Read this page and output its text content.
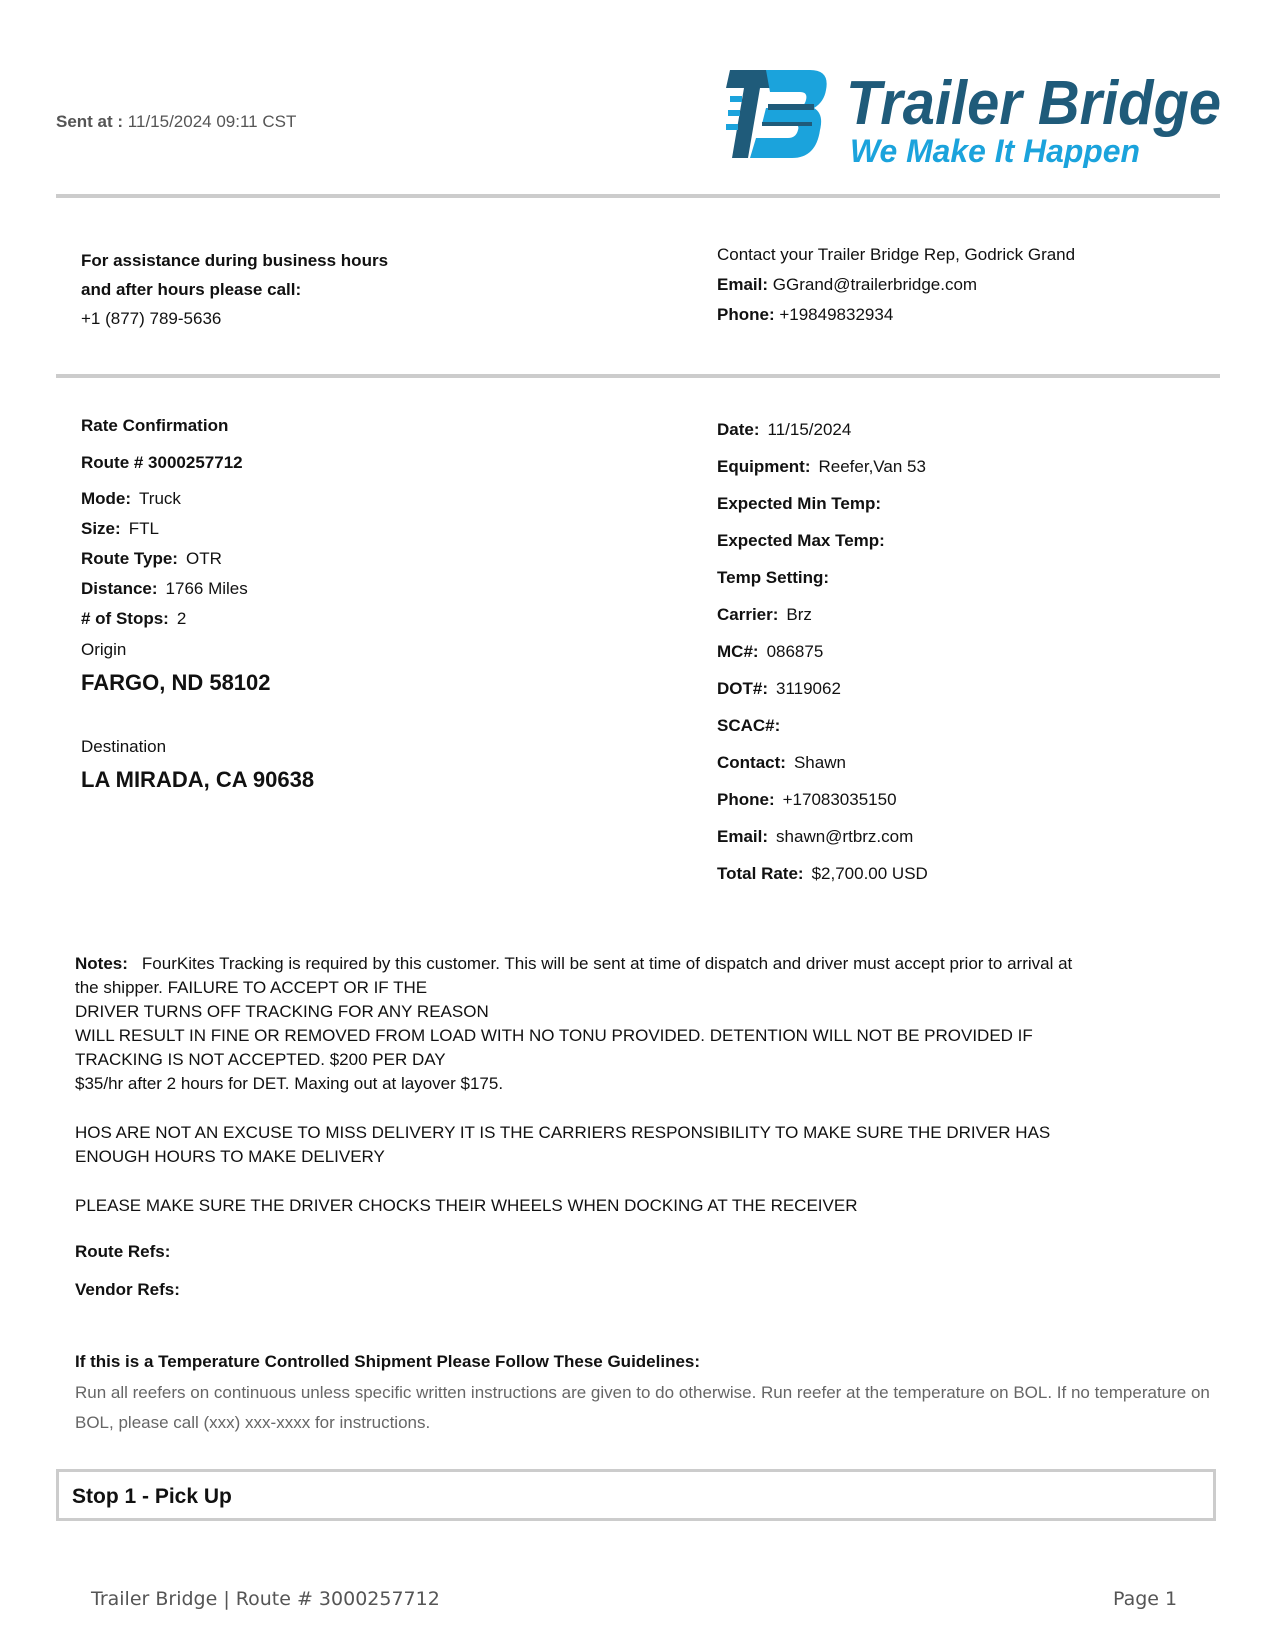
Sent at : 11/15/2024 09:11 CST	Trailer Bridge
We Make It Happen
For assistance during business hours
and after hours please call:
+1 (877) 789-5636
Contact your Trailer Bridge Rep, Godrick Grand
Email: GGrand@trailerbridge.com
Phone: +19849832934
Rate Confirmation
Route # 3000257712
Mode: Truck
Size: FTL
Route Type: OTR
Distance: 1766 Miles
# of Stops: 2
Origin
FARGO, ND 58102
Destination
LA MIRADA, CA 90638
Date: 11/15/2024
Equipment: Reefer,Van 53
Expected Min Temp:
Expected Max Temp:
Temp Setting:
Carrier: Brz
MC#: 086875
DOT#: 3119062
SCAC#:
Contact: Shawn
Phone: +17083035150
Email: shawn@rtbrz.com
Total Rate: $2,700.00 USD
Notes: FourKites Tracking is required by this customer. This will be sent at time of dispatch and driver must accept prior to arrival at
the shipper. FAILURE TO ACCEPT OR IF THE
DRIVER TURNS OFF TRACKING FOR ANY REASON
WILL RESULT IN FINE OR REMOVED FROM LOAD WITH NO TONU PROVIDED. DETENTION WILL NOT BE PROVIDED IF
TRACKING IS NOT ACCEPTED. $200 PER DAY
$35/hr after 2 hours for DET. Maxing out at layover $175.
HOS ARE NOT AN EXCUSE TO MISS DELIVERY IT IS THE CARRIERS RESPONSIBILITY TO MAKE SURE THE DRIVER HAS
ENOUGH HOURS TO MAKE DELIVERY
PLEASE MAKE SURE THE DRIVER CHOCKS THEIR WHEELS WHEN DOCKING AT THE RECEIVER
Route Refs:
Vendor Refs:
If this is a Temperature Controlled Shipment Please Follow These Guidelines:
Run all reefers on continuous unless specific written instructions are given to do otherwise. Run reefer at the temperature on BOL. If no temperature on BOL, please call (xxx) xxx-xxxx for instructions.
Stop 1 - Pick Up
Trailer Bridge | Route # 3000257712	Page 1
